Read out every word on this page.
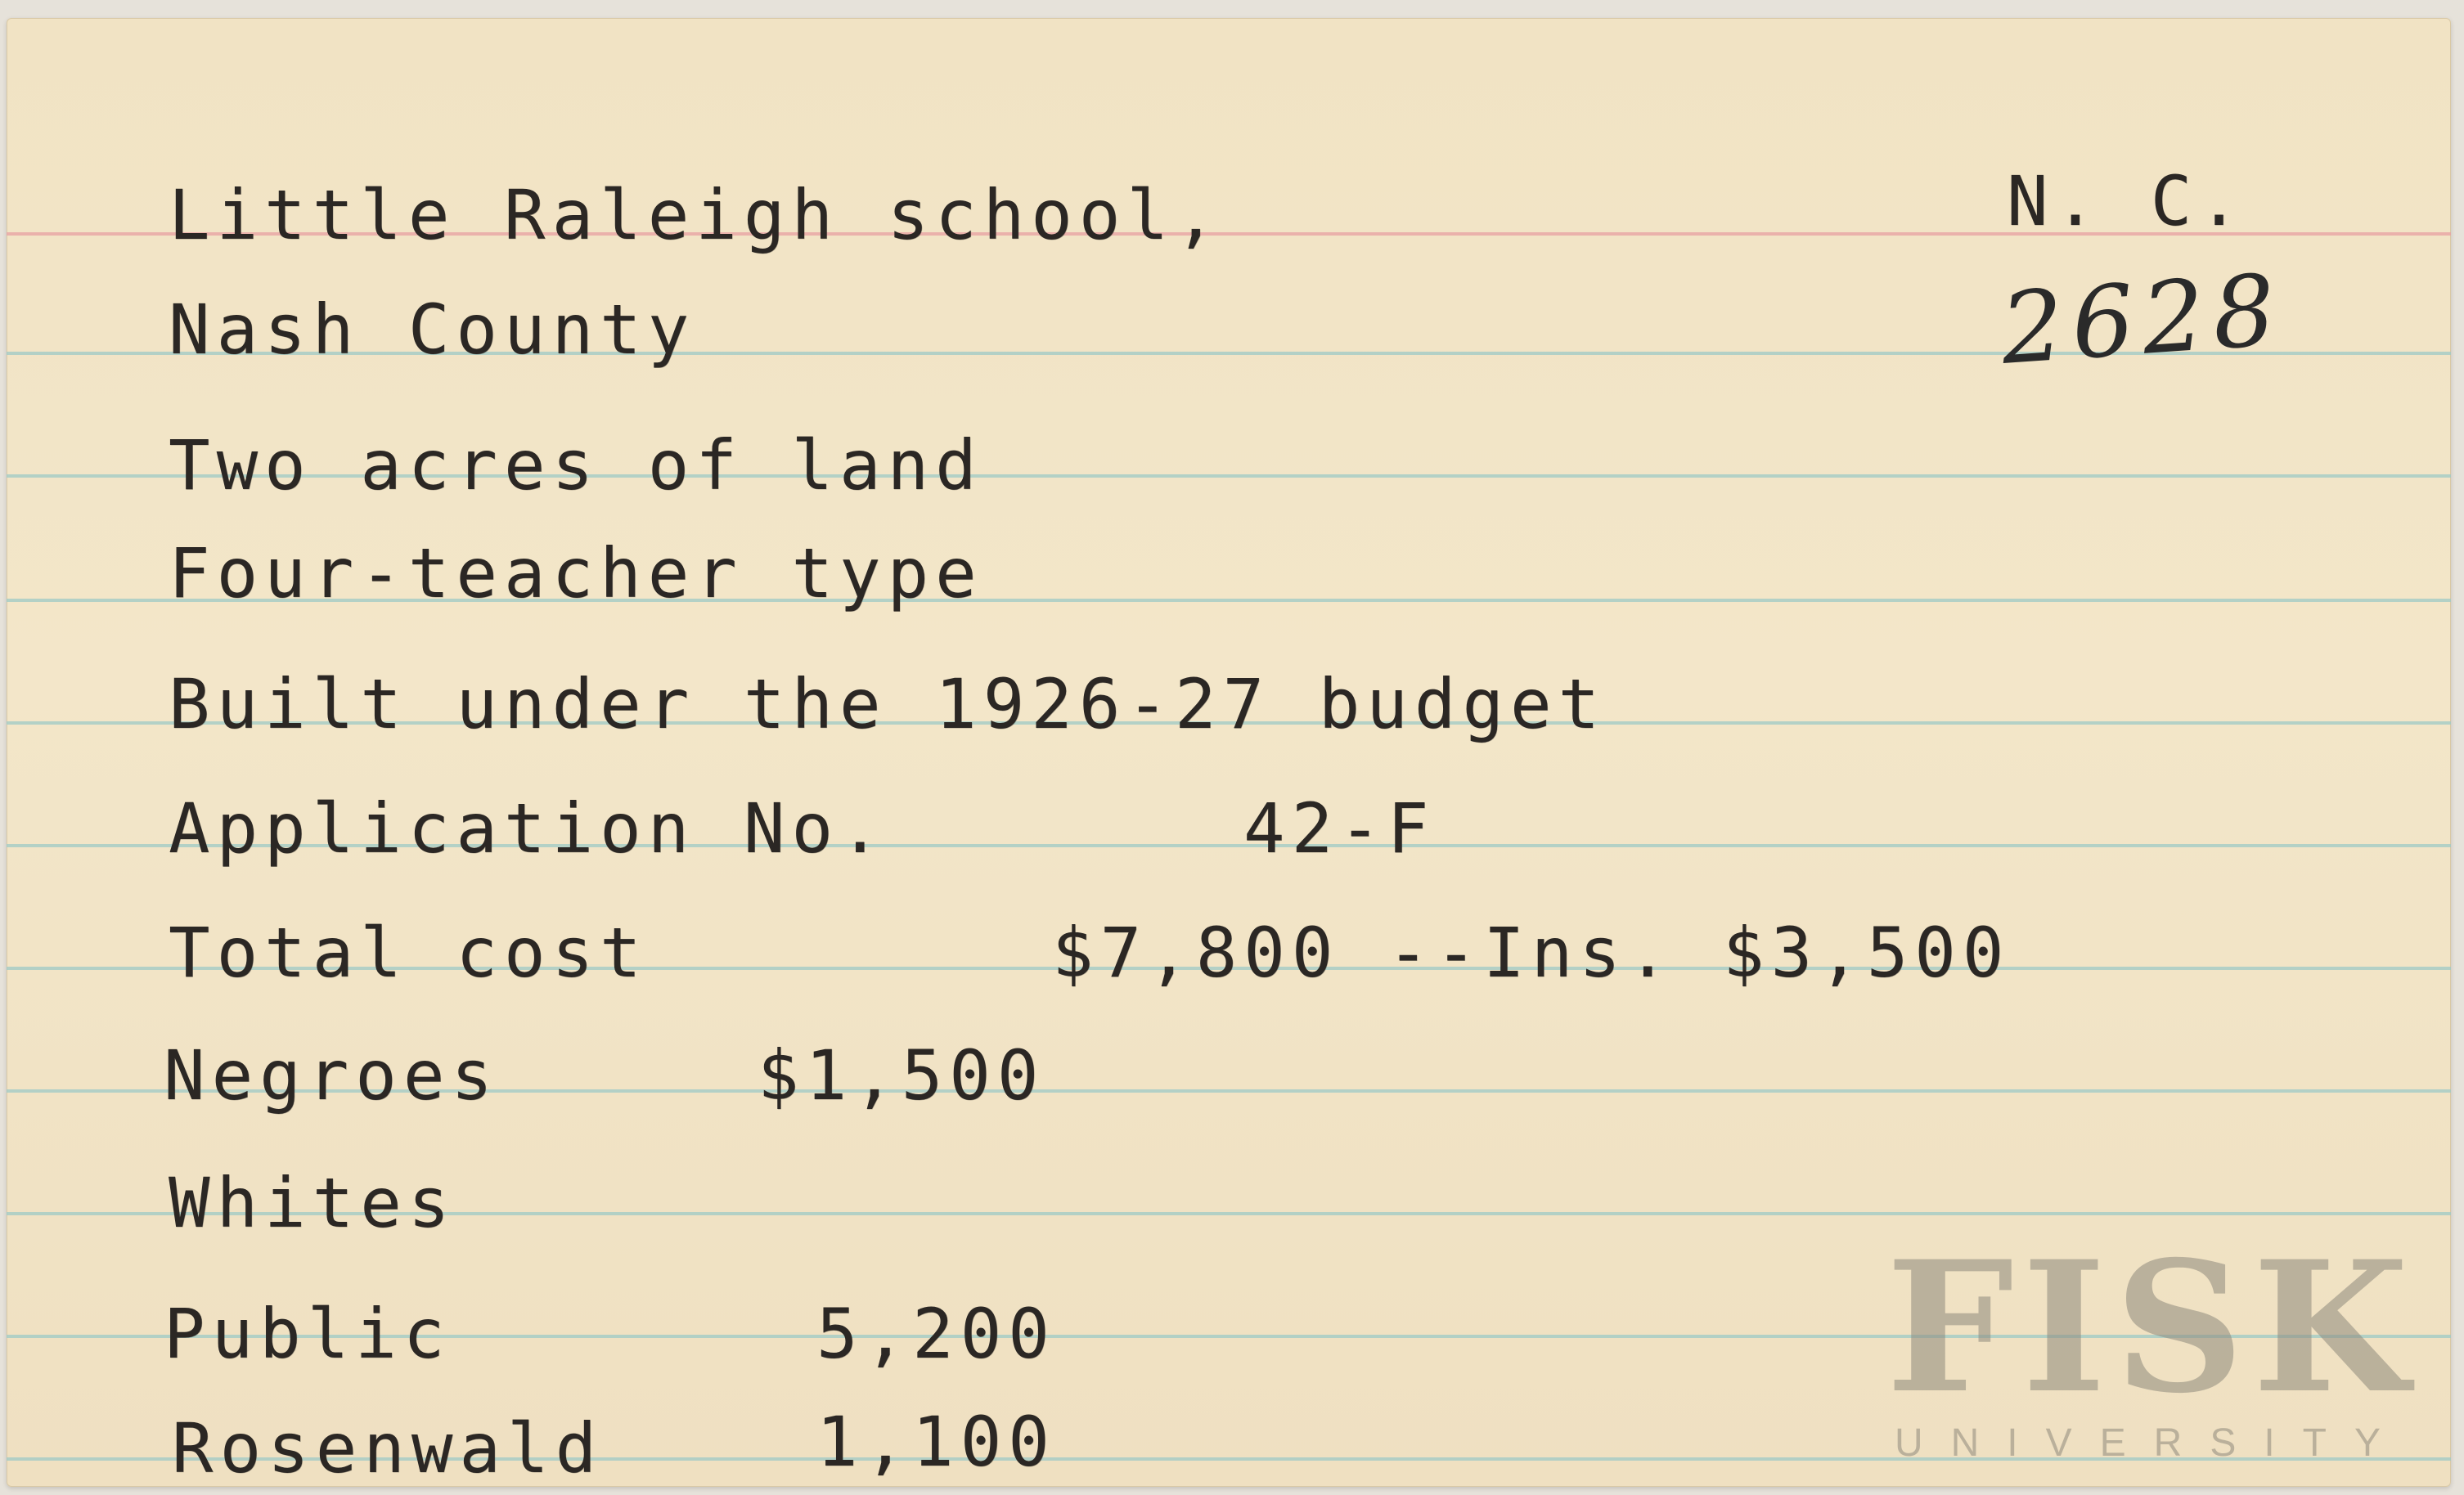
N. C.
2628
Little Raleigh school,
Nash County
Two acres of land
Four-teacher type
Built under the 1926-27 budget
Application No.	42-F
Total cost	$7,800 --Ins. $3,500
Negroes	$1,500
Whites
Public	5,200
Rosenwald	1,100
FISK
UNIVERSITY
